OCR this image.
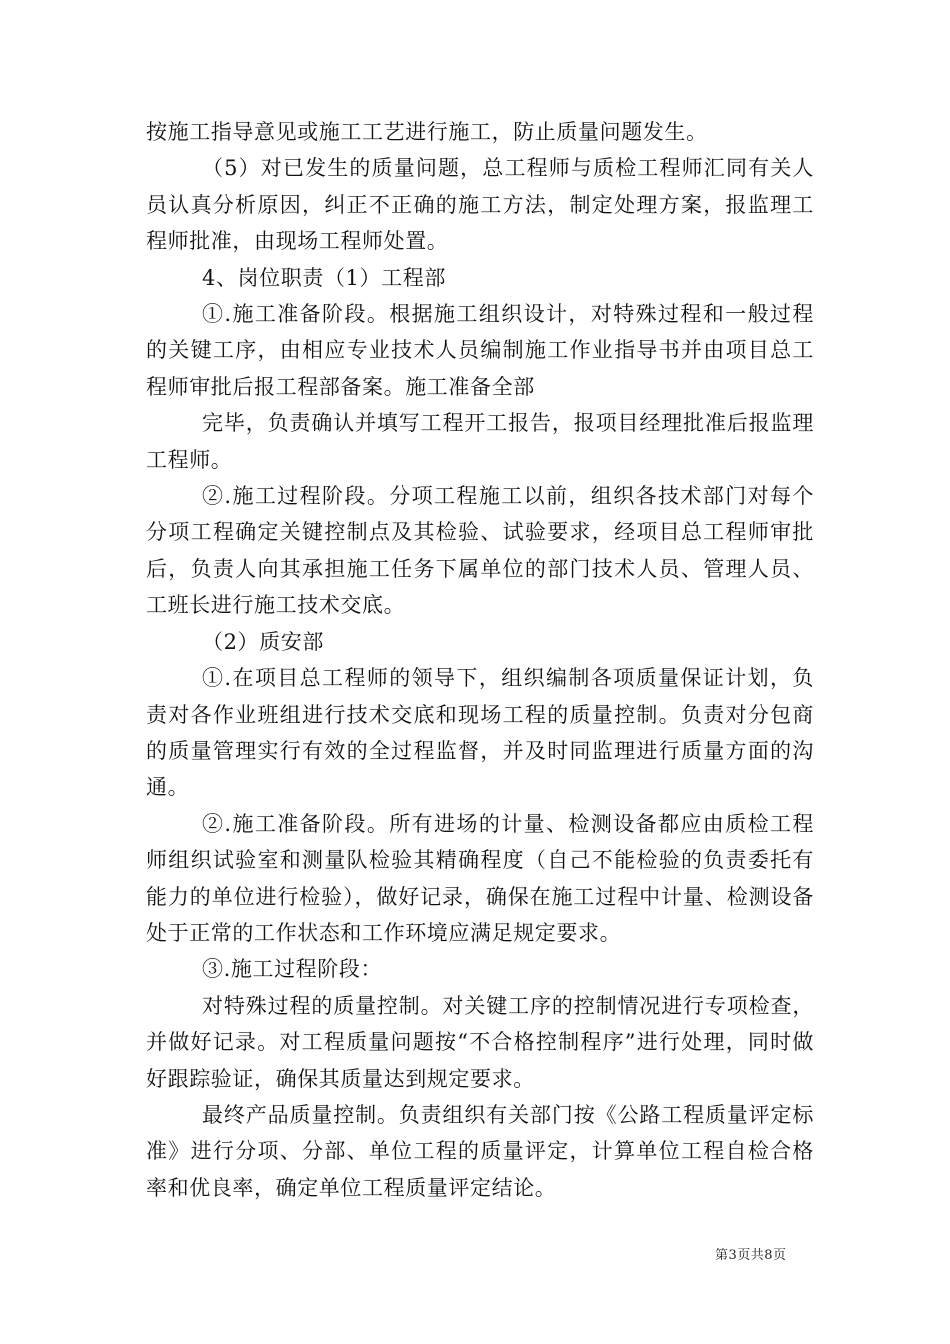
按施工指导意见或施工工艺进行施工，防止质量问题发生。

（5）对已发生的质量问题，总工程师与质检工程师汇同有关人员认真分析原因，纠正不正确的施工方法，制定处理方案，报监理工程师批准，由现场工程师处置。

4、岗位职责（1）工程部

①.施工准备阶段。根据施工组织设计，对特殊过程和一般过程的关键工序，由相应专业技术人员编制施工作业指导书并由项目总工程师审批后报工程部备案。施工准备全部

完毕，负责确认并填写工程开工报告，报项目经理批准后报监理工程师。

②.施工过程阶段。分项工程施工以前，组织各技术部门对每个分项工程确定关键控制点及其检验、试验要求，经项目总工程师审批后，负责人向其承担施工任务下属单位的部门技术人员、管理人员、工班长进行施工技术交底。

（2）质安部

①.在项目总工程师的领导下，组织编制各项质量保证计划，负责对各作业班组进行技术交底和现场工程的质量控制。负责对分包商的质量管理实行有效的全过程监督，并及时同监理进行质量方面的沟通。

②.施工准备阶段。所有进场的计量、检测设备都应由质检工程师组织试验室和测量队检验其精确程度（自己不能检验的负责委托有能力的单位进行检验），做好记录，确保在施工过程中计量、检测设备处于正常的工作状态和工作环境应满足规定要求。

③.施工过程阶段：

对特殊过程的质量控制。对关键工序的控制情况进行专项检查，并做好记录。对工程质量问题按“不合格控制程序”进行处理，同时做好跟踪验证，确保其质量达到规定要求。

最终产品质量控制。负责组织有关部门按《公路工程质量评定标准》进行分项、分部、单位工程的质量评定，计算单位工程自检合格率和优良率，确定单位工程质量评定结论。

第3页共8页
